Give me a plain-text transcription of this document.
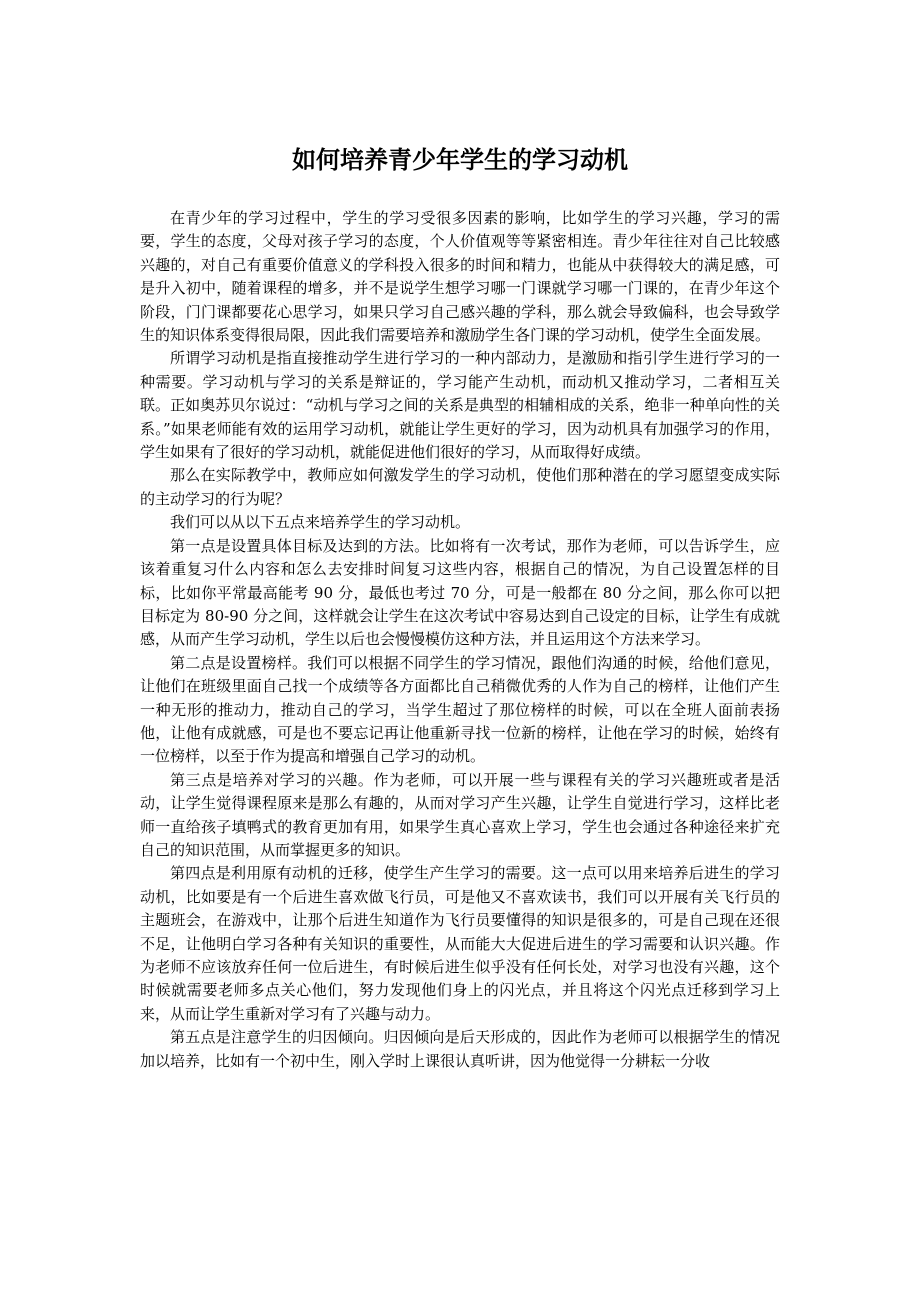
如何培养青少年学生的学习动机

在青少年的学习过程中，学生的学习受很多因素的影响，比如学生的学习兴趣，学习的需要，学生的态度，父母对孩子学习的态度，个人价值观等等紧密相连。青少年往往对自己比较感兴趣的，对自己有重要价值意义的学科投入很多的时间和精力，也能从中获得较大的满足感，可是升入初中，随着课程的增多，并不是说学生想学习哪一门课就学习哪一门课的，在青少年这个阶段，门门课都要花心思学习，如果只学习自己感兴趣的学科，那么就会导致偏科，也会导致学生的知识体系变得很局限，因此我们需要培养和激励学生各门课的学习动机，使学生全面发展。

所谓学习动机是指直接推动学生进行学习的一种内部动力，是激励和指引学生进行学习的一种需要。学习动机与学习的关系是辩证的，学习能产生动机，而动机又推动学习，二者相互关联。正如奥苏贝尔说过：“动机与学习之间的关系是典型的相辅相成的关系，绝非一种单向性的关系。”如果老师能有效的运用学习动机，就能让学生更好的学习，因为动机具有加强学习的作用，学生如果有了很好的学习动机，就能促进他们很好的学习，从而取得好成绩。

那么在实际教学中，教师应如何激发学生的学习动机，使他们那种潜在的学习愿望变成实际的主动学习的行为呢？

我们可以从以下五点来培养学生的学习动机。

第一点是设置具体目标及达到的方法。比如将有一次考试，那作为老师，可以告诉学生，应该着重复习什么内容和怎么去安排时间复习这些内容，根据自己的情况，为自己设置怎样的目标，比如你平常最高能考 90 分，最低也考过 70 分，可是一般都在 80 分之间，那么你可以把目标定为 80-90 分之间，这样就会让学生在这次考试中容易达到自己设定的目标，让学生有成就感，从而产生学习动机，学生以后也会慢慢模仿这种方法，并且运用这个方法来学习。

第二点是设置榜样。我们可以根据不同学生的学习情况，跟他们沟通的时候，给他们意见，让他们在班级里面自己找一个成绩等各方面都比自己稍微优秀的人作为自己的榜样，让他们产生一种无形的推动力，推动自己的学习，当学生超过了那位榜样的时候，可以在全班人面前表扬他，让他有成就感，可是也不要忘记再让他重新寻找一位新的榜样，让他在学习的时候，始终有一位榜样，以至于作为提高和增强自己学习的动机。

第三点是培养对学习的兴趣。作为老师，可以开展一些与课程有关的学习兴趣班或者是活动，让学生觉得课程原来是那么有趣的，从而对学习产生兴趣，让学生自觉进行学习，这样比老师一直给孩子填鸭式的教育更加有用，如果学生真心喜欢上学习，学生也会通过各种途径来扩充自己的知识范围，从而掌握更多的知识。

第四点是利用原有动机的迁移，使学生产生学习的需要。这一点可以用来培养后进生的学习动机，比如要是有一个后进生喜欢做飞行员，可是他又不喜欢读书，我们可以开展有关飞行员的主题班会，在游戏中，让那个后进生知道作为飞行员要懂得的知识是很多的，可是自己现在还很不足，让他明白学习各种有关知识的重要性，从而能大大促进后进生的学习需要和认识兴趣。作为老师不应该放弃任何一位后进生，有时候后进生似乎没有任何长处，对学习也没有兴趣，这个时候就需要老师多点关心他们，努力发现他们身上的闪光点，并且将这个闪光点迁移到学习上来，从而让学生重新对学习有了兴趣与动力。

第五点是注意学生的归因倾向。归因倾向是后天形成的，因此作为老师可以根据学生的情况加以培养，比如有一个初中生，刚入学时上课很认真听讲，因为他觉得一分耕耘一分收
